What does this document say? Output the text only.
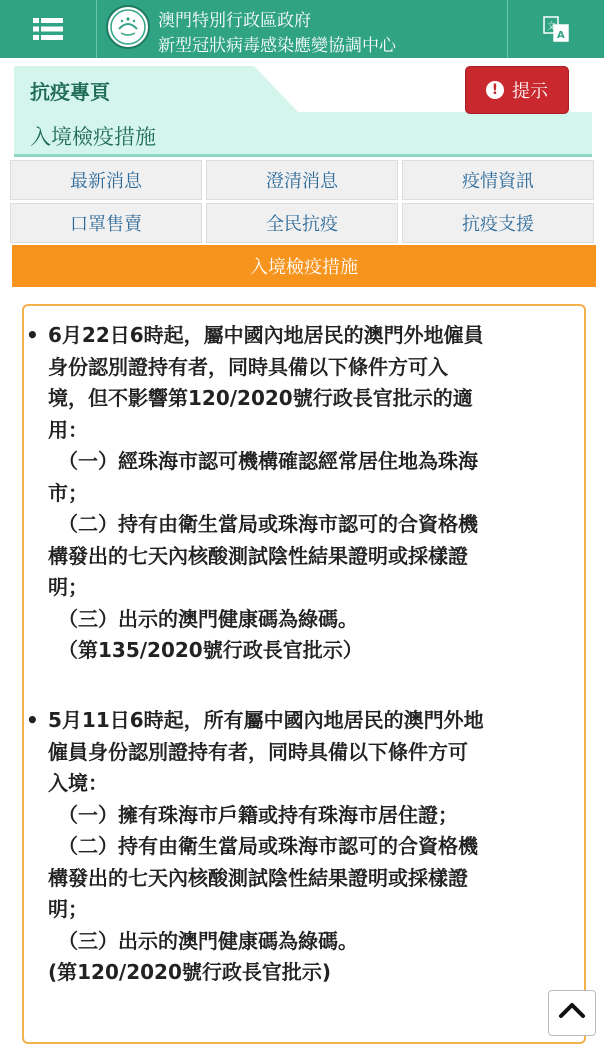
澳門特別行政區政府
新型冠狀病毒感染應變協調中心
文
A
抗疫專頁
入境檢疫措施
! 提示
最新消息	澄清消息	疫情資訊
口罩售賣	全民抗疫	抗疫支援
入境檢疫措施
• 6月22日6時起，屬中國內地居民的澳門外地僱員
身份認別證持有者，同時具備以下條件方可入
境，但不影響第120/2020號行政長官批示的適
用：
（一）經珠海市認可機構確認經常居住地為珠海
市；
（二）持有由衛生當局或珠海市認可的合資格機
構發出的七天內核酸測試陰性結果證明或採樣證
明；
（三）出示的澳門健康碼為綠碼。
（第135/2020號行政長官批示）
• 5月11日6時起，所有屬中國內地居民的澳門外地
僱員身份認別證持有者，同時具備以下條件方可
入境：
（一）擁有珠海市戶籍或持有珠海市居住證；
（二）持有由衛生當局或珠海市認可的合資格機
構發出的七天內核酸測試陰性結果證明或採樣證
明；
（三）出示的澳門健康碼為綠碼。
(第120/2020號行政長官批示)
